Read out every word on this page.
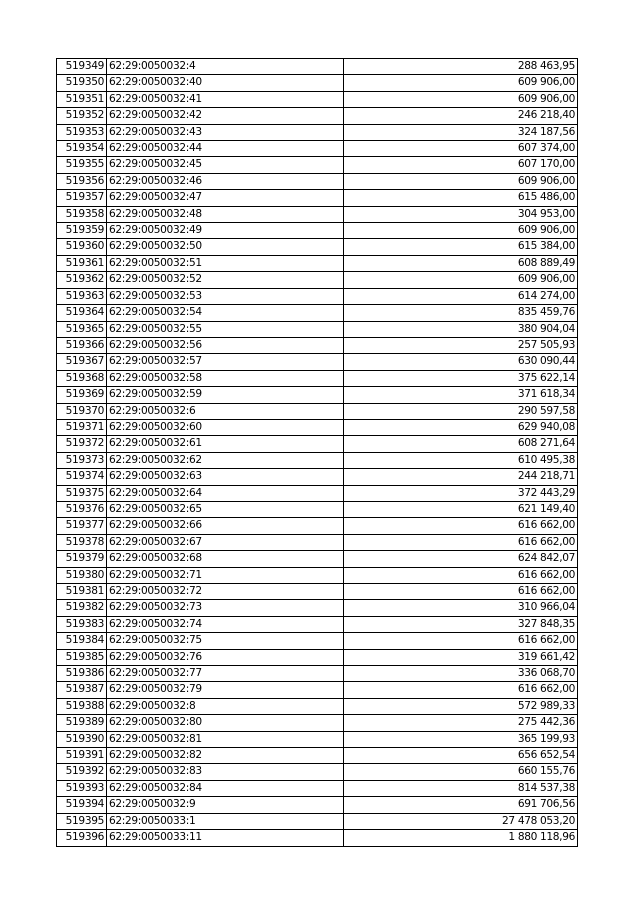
519349	62:29:0050032:4	288 463,95
519350	62:29:0050032:40	609 906,00
519351	62:29:0050032:41	609 906,00
519352	62:29:0050032:42	246 218,40
519353	62:29:0050032:43	324 187,56
519354	62:29:0050032:44	607 374,00
519355	62:29:0050032:45	607 170,00
519356	62:29:0050032:46	609 906,00
519357	62:29:0050032:47	615 486,00
519358	62:29:0050032:48	304 953,00
519359	62:29:0050032:49	609 906,00
519360	62:29:0050032:50	615 384,00
519361	62:29:0050032:51	608 889,49
519362	62:29:0050032:52	609 906,00
519363	62:29:0050032:53	614 274,00
519364	62:29:0050032:54	835 459,76
519365	62:29:0050032:55	380 904,04
519366	62:29:0050032:56	257 505,93
519367	62:29:0050032:57	630 090,44
519368	62:29:0050032:58	375 622,14
519369	62:29:0050032:59	371 618,34
519370	62:29:0050032:6	290 597,58
519371	62:29:0050032:60	629 940,08
519372	62:29:0050032:61	608 271,64
519373	62:29:0050032:62	610 495,38
519374	62:29:0050032:63	244 218,71
519375	62:29:0050032:64	372 443,29
519376	62:29:0050032:65	621 149,40
519377	62:29:0050032:66	616 662,00
519378	62:29:0050032:67	616 662,00
519379	62:29:0050032:68	624 842,07
519380	62:29:0050032:71	616 662,00
519381	62:29:0050032:72	616 662,00
519382	62:29:0050032:73	310 966,04
519383	62:29:0050032:74	327 848,35
519384	62:29:0050032:75	616 662,00
519385	62:29:0050032:76	319 661,42
519386	62:29:0050032:77	336 068,70
519387	62:29:0050032:79	616 662,00
519388	62:29:0050032:8	572 989,33
519389	62:29:0050032:80	275 442,36
519390	62:29:0050032:81	365 199,93
519391	62:29:0050032:82	656 652,54
519392	62:29:0050032:83	660 155,76
519393	62:29:0050032:84	814 537,38
519394	62:29:0050032:9	691 706,56
519395	62:29:0050033:1	27 478 053,20
519396	62:29:0050033:11	1 880 118,96
